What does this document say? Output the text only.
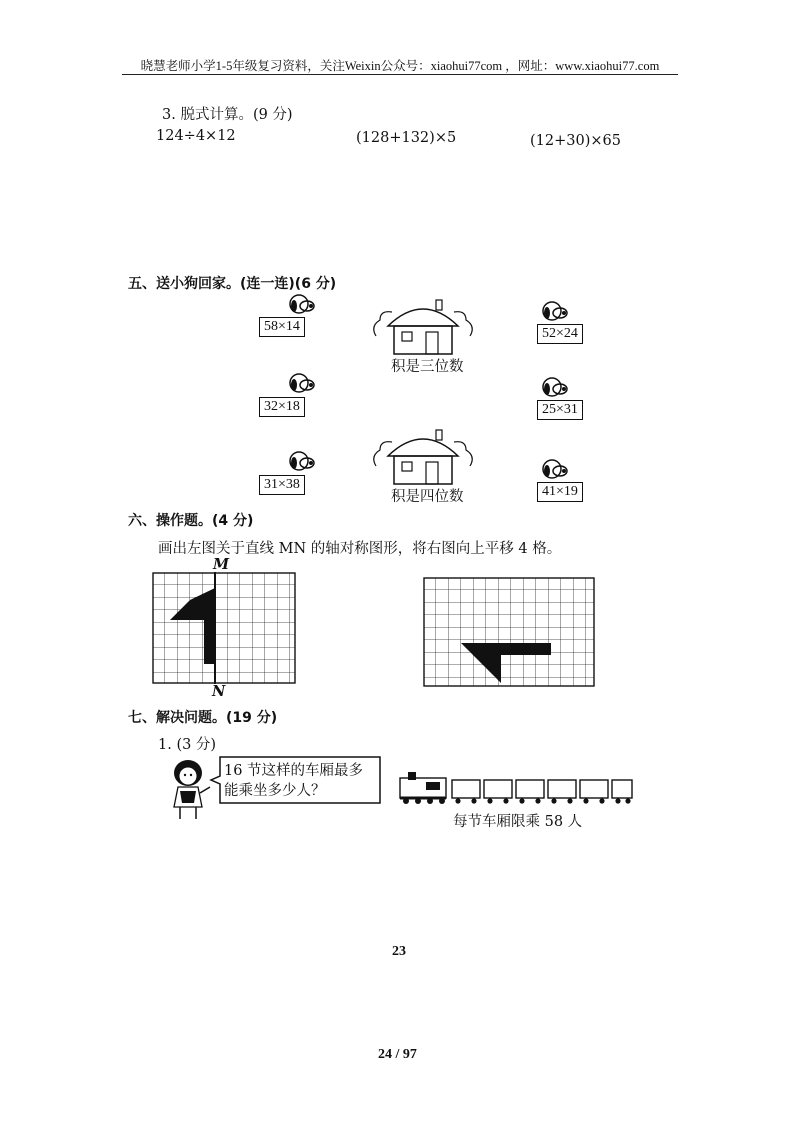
晓慧老师小学1-5年级复习资料，关注Weixin公众号：xiaohui77com ，网址：www.xiaohui77.com
3. 脱式计算。(9 分)
124÷4×12	(128+132)×5	(12+30)×65
五、送小狗回家。(连一连)(6 分)
58×14
32×18
31×38
52×24
25×31
41×19
积是三位数
积是四位数
六、操作题。(4 分)
画出左图关于直线 MN 的轴对称图形，将右图向上平移 4 格。
M
N
七、解决问题。(19 分)
1. (3 分)
16 节这样的车厢最多
能乘坐多少人？
每节车厢限乘 58 人
23
24 / 97
